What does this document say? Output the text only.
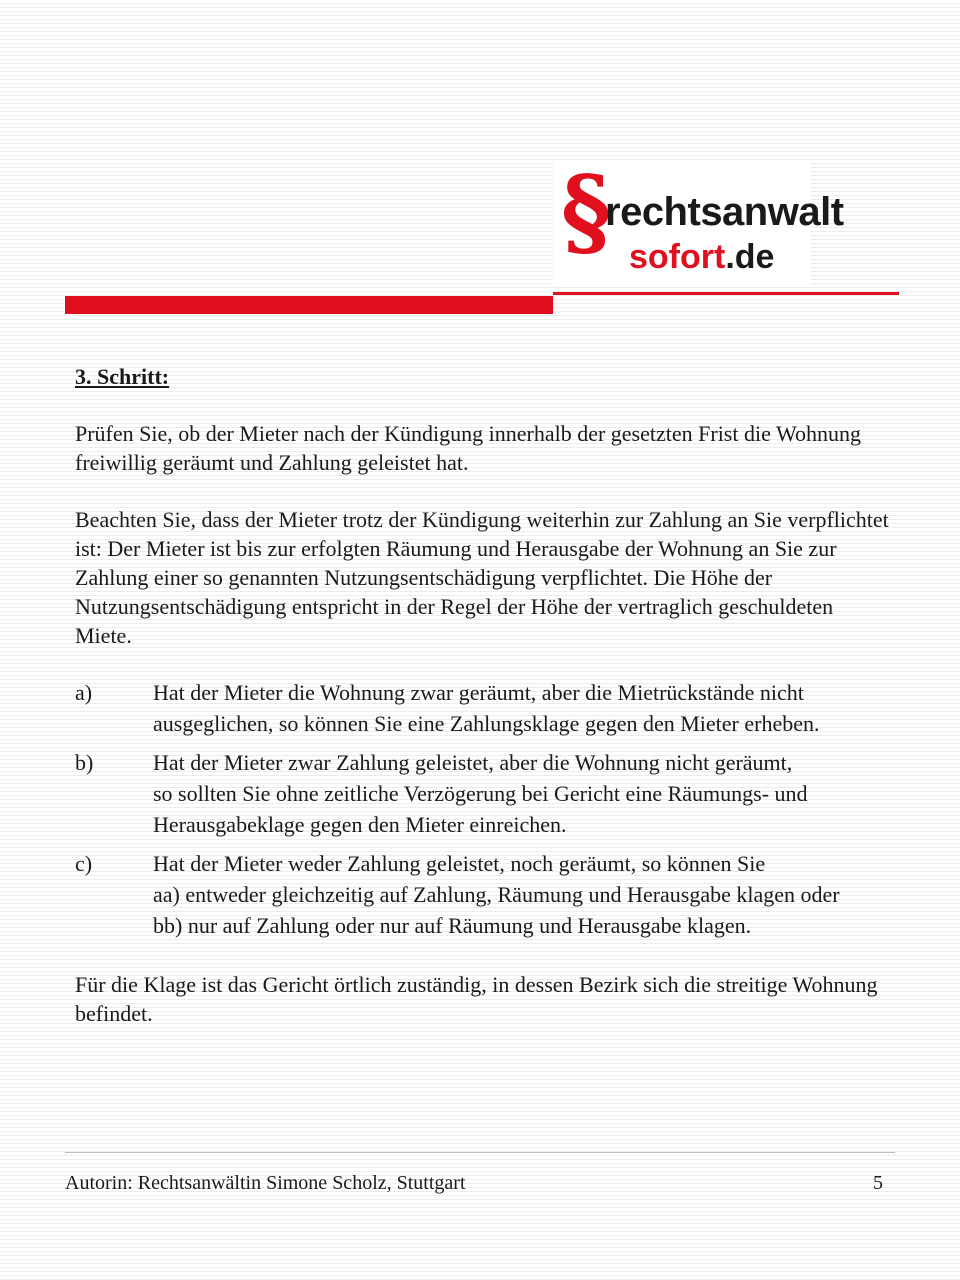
§
rechtsanwalt
sofort.de
3. Schritt:

Prüfen Sie, ob der Mieter nach der Kündigung innerhalb der gesetzten Frist die Wohnung freiwillig geräumt und Zahlung geleistet hat.

Beachten Sie, dass der Mieter trotz der Kündigung weiterhin zur Zahlung an Sie verpflichtet ist: Der Mieter ist bis zur erfolgten Räumung und Herausgabe der Wohnung an Sie zur Zahlung einer so genannten Nutzungsentschädigung verpflichtet. Die Höhe der Nutzungsentschädigung entspricht in der Regel der Höhe der vertraglich geschuldeten Miete.

a)	Hat der Mieter die Wohnung zwar geräumt, aber die Mietrückstände nicht
ausgeglichen, so können Sie eine Zahlungsklage gegen den Mieter erheben.
b)	Hat der Mieter zwar Zahlung geleistet, aber die Wohnung nicht geräumt,
so sollten Sie ohne zeitliche Verzögerung bei Gericht eine Räumungs- und
Herausgabeklage gegen den Mieter einreichen.
c)	Hat der Mieter weder Zahlung geleistet, noch geräumt, so können Sie
aa) entweder gleichzeitig auf Zahlung, Räumung und Herausgabe klagen oder
bb) nur auf Zahlung oder nur auf Räumung und Herausgabe klagen.

Für die Klage ist das Gericht örtlich zuständig, in dessen Bezirk sich die streitige Wohnung befindet.

Autorin: Rechtsanwältin Simone Scholz, Stuttgart	5
